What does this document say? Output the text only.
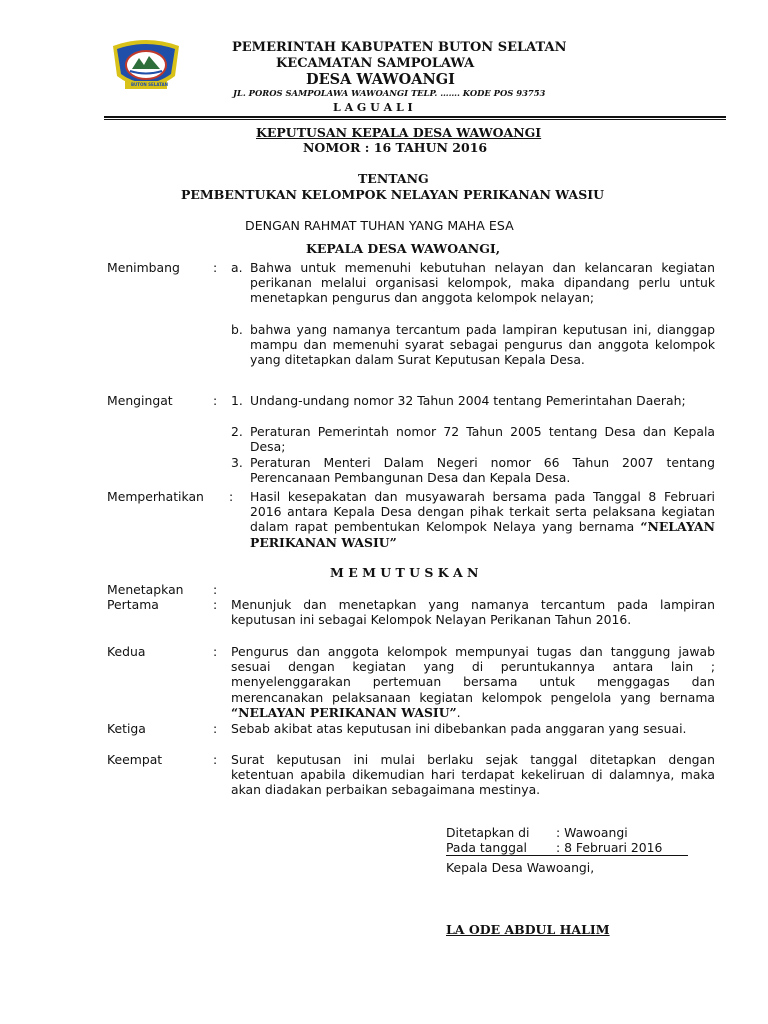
BUTON SELATAN
PEMERINTAH KABUPATEN BUTON SELATAN
KECAMATAN SAMPOLAWA
DESA WAWOANGI
JL. POROS SAMPOLAWA WAWOANGI TELP. ……. KODE POS 93753
L A G U A L I
KEPUTUSAN KEPALA DESA WAWOANGI
NOMOR : 16 TAHUN 2016
TENTANG
PEMBENTUKAN KELOMPOK NELAYAN PERIKANAN WASIU
DENGAN RAHMAT TUHAN YANG MAHA ESA
KEPALA DESA WAWOANGI,
Menimbang	: a. Bahwa untuk memenuhi kebutuhan nelayan dan kelancaran kegiatan perikanan melalui organisasi kelompok, maka dipandang perlu untuk menetapkan pengurus dan anggota kelompok nelayan;
b. bahwa yang namanya tercantum pada lampiran keputusan ini, dianggap mampu dan memenuhi syarat sebagai pengurus dan anggota kelompok yang ditetapkan dalam Surat Keputusan Kepala Desa.
Mengingat	: 1. Undang-undang nomor 32 Tahun 2004 tentang Pemerintahan Daerah;
2. Peraturan Pemerintah nomor 72 Tahun 2005 tentang Desa dan Kepala Desa;
3. Peraturan Menteri Dalam Negeri nomor 66 Tahun 2007 tentang Perencanaan Pembangunan Desa dan Kepala Desa.
Memperhatikan : Hasil kesepakatan dan musyawarah bersama pada Tanggal 8 Februari 2016 antara Kepala Desa dengan pihak terkait serta pelaksana kegiatan dalam rapat pembentukan Kelompok Nelaya yang bernama “NELAYAN PERIKANAN WASIU”
M E M U T U S K A N
Menetapkan :
Pertama	: Menunjuk dan menetapkan yang namanya tercantum pada lampiran keputusan ini sebagai Kelompok Nelayan Perikanan Tahun 2016.
Kedua	: Pengurus dan anggota kelompok mempunyai tugas dan tanggung jawab sesuai dengan kegiatan yang di peruntukannya antara lain ; menyelenggarakan pertemuan bersama untuk menggagas dan merencanakan pelaksanaan kegiatan kelompok pengelola yang bernama “NELAYAN PERIKANAN WASIU”.
Ketiga	: Sebab akibat atas keputusan ini dibebankan pada anggaran yang sesuai.
Keempat	: Surat keputusan ini mulai berlaku sejak tanggal ditetapkan dengan ketentuan apabila dikemudian hari terdapat kekeliruan di dalamnya, maka akan diadakan perbaikan sebagaimana mestinya.
Ditetapkan di : Wawoangi
Pada tanggal : 8 Februari 2016
Kepala Desa Wawoangi,
LA ODE ABDUL HALIM
